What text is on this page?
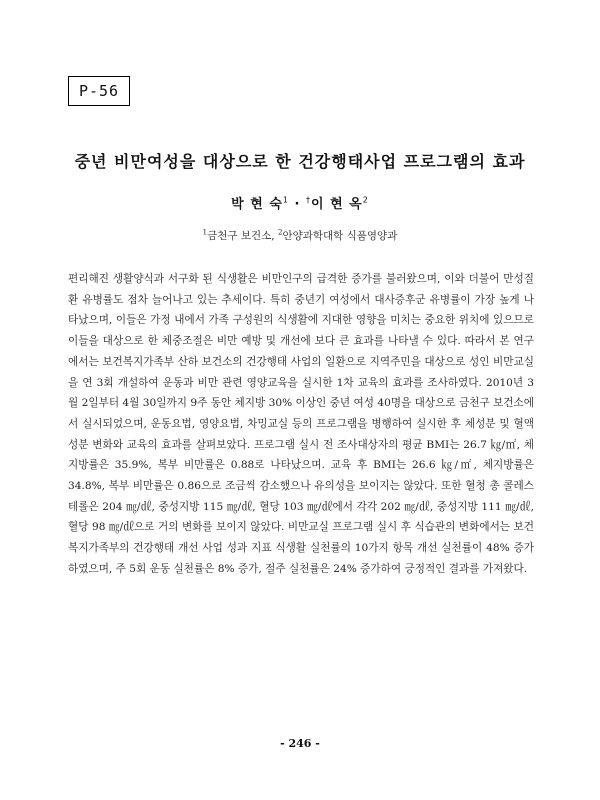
P-56
중년 비만여성을 대상으로 한 건강행태사업 프로그램의 효과
박 현 숙$^1$ · †이 현 옥$^2$
$^1$금천구 보건소, $^2$안양과학대학 식품영양과

편리해진 생활양식과 서구화 된 식생활은 비만인구의 급격한 증가를 불러왔으며, 이와 더불어 만성질환 유병률도 점차 늘어나고 있는 추세이다. 특히 중년기 여성에서 대사증후군 유병률이 가장 높게 나타났으며, 이들은 가정 내에서 가족 구성원의 식생활에 지대한 영향을 미치는 중요한 위치에 있으므로 이들을 대상으로 한 체중조절은 비만 예방 및 개선에 보다 큰 효과를 나타낼 수 있다. 따라서 본 연구에서는 보건복지가족부 산하 보건소의 건강행태 사업의 일환으로 지역주민을 대상으로 성인 비만교실을 연 3회 개설하여 운동과 비만 관련 영양교육을 실시한 1차 교육의 효과를 조사하였다. 2010년 3월 2일부터 4월 30일까지 9주 동안 체지방 30% 이상인 중년 여성 40명을 대상으로 금천구 보건소에서 실시되었으며, 운동요법, 영양요법, 차밍교실 등의 프로그램을 병행하여 실시한 후 체성분 및 혈액 성분 변화와 교육의 효과를 살펴보았다. 프로그램 실시 전 조사대상자의 평균 BMI는 26.7 ㎏/㎡, 체지방률은 35.9%, 복부 비만률은 0.88로 나타났으며. 교육 후 BMI는 26.6 ㎏/㎡, 체지방률은 34.8%, 복부 비만률은 0.86으로 조금씩 감소했으나 유의성을 보이지는 않았다. 또한 혈청 총 콜레스테롤은 204 ㎎/㎗, 중성지방 115 ㎎/㎗, 혈당 103 ㎎/㎗에서 각각 202 ㎎/㎗, 중성지방 111 ㎎/㎗, 혈당 98 ㎎/㎗으로 거의 변화를 보이지 않았다. 비만교실 프로그램 실시 후 식습관의 변화에서는 보건복지가족부의 건강행태 개선 사업 성과 지표 식생활 실천률의 10가지 항목 개선 실천률이 48% 증가하였으며, 주 5회 운동 실천률은 8% 증가, 절주 실천률은 24% 증가하여 긍정적인 결과를 가져왔다.

- 246 -
